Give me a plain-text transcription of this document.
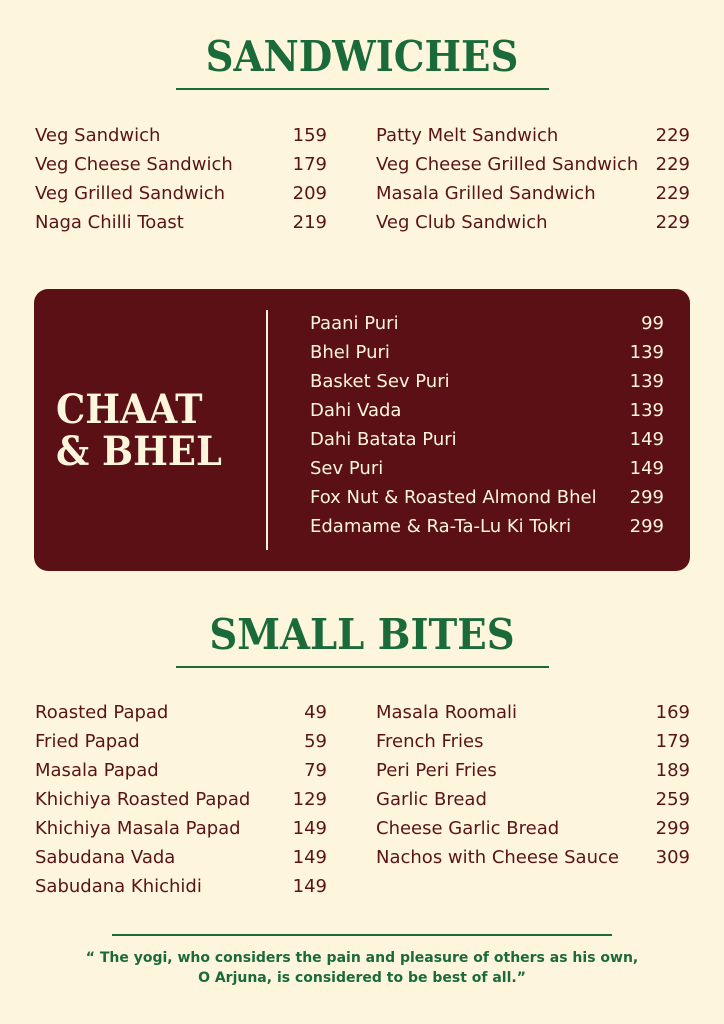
SANDWICHES
Veg Sandwich	159
Veg Cheese Sandwich	179
Veg Grilled Sandwich	209
Naga Chilli Toast	219
Patty Melt Sandwich	229
Veg Cheese Grilled Sandwich 229
Masala Grilled Sandwich	229
Veg Club Sandwich	229
CHAAT
& BHEL
Paani Puri	99
Bhel Puri	139
Basket Sev Puri	139
Dahi Vada	139
Dahi Batata Puri	149
Sev Puri	149
Fox Nut & Roasted Almond Bhel 299
Edamame & Ra-Ta-Lu Ki Tokri	299
SMALL BITES
Roasted Papad	49
Fried Papad	59
Masala Papad	79
Khichiya Roasted Papad 129
Khichiya Masala Papad	149
Sabudana Vada	149
Sabudana Khichidi	149
Masala Roomali	169
French Fries	179
Peri Peri Fries	189
Garlic Bread	259
Cheese Garlic Bread	299
Nachos with Cheese Sauce 309
“ The yogi, who considers the pain and pleasure of others as his own,
O Arjuna, is considered to be best of all.”
